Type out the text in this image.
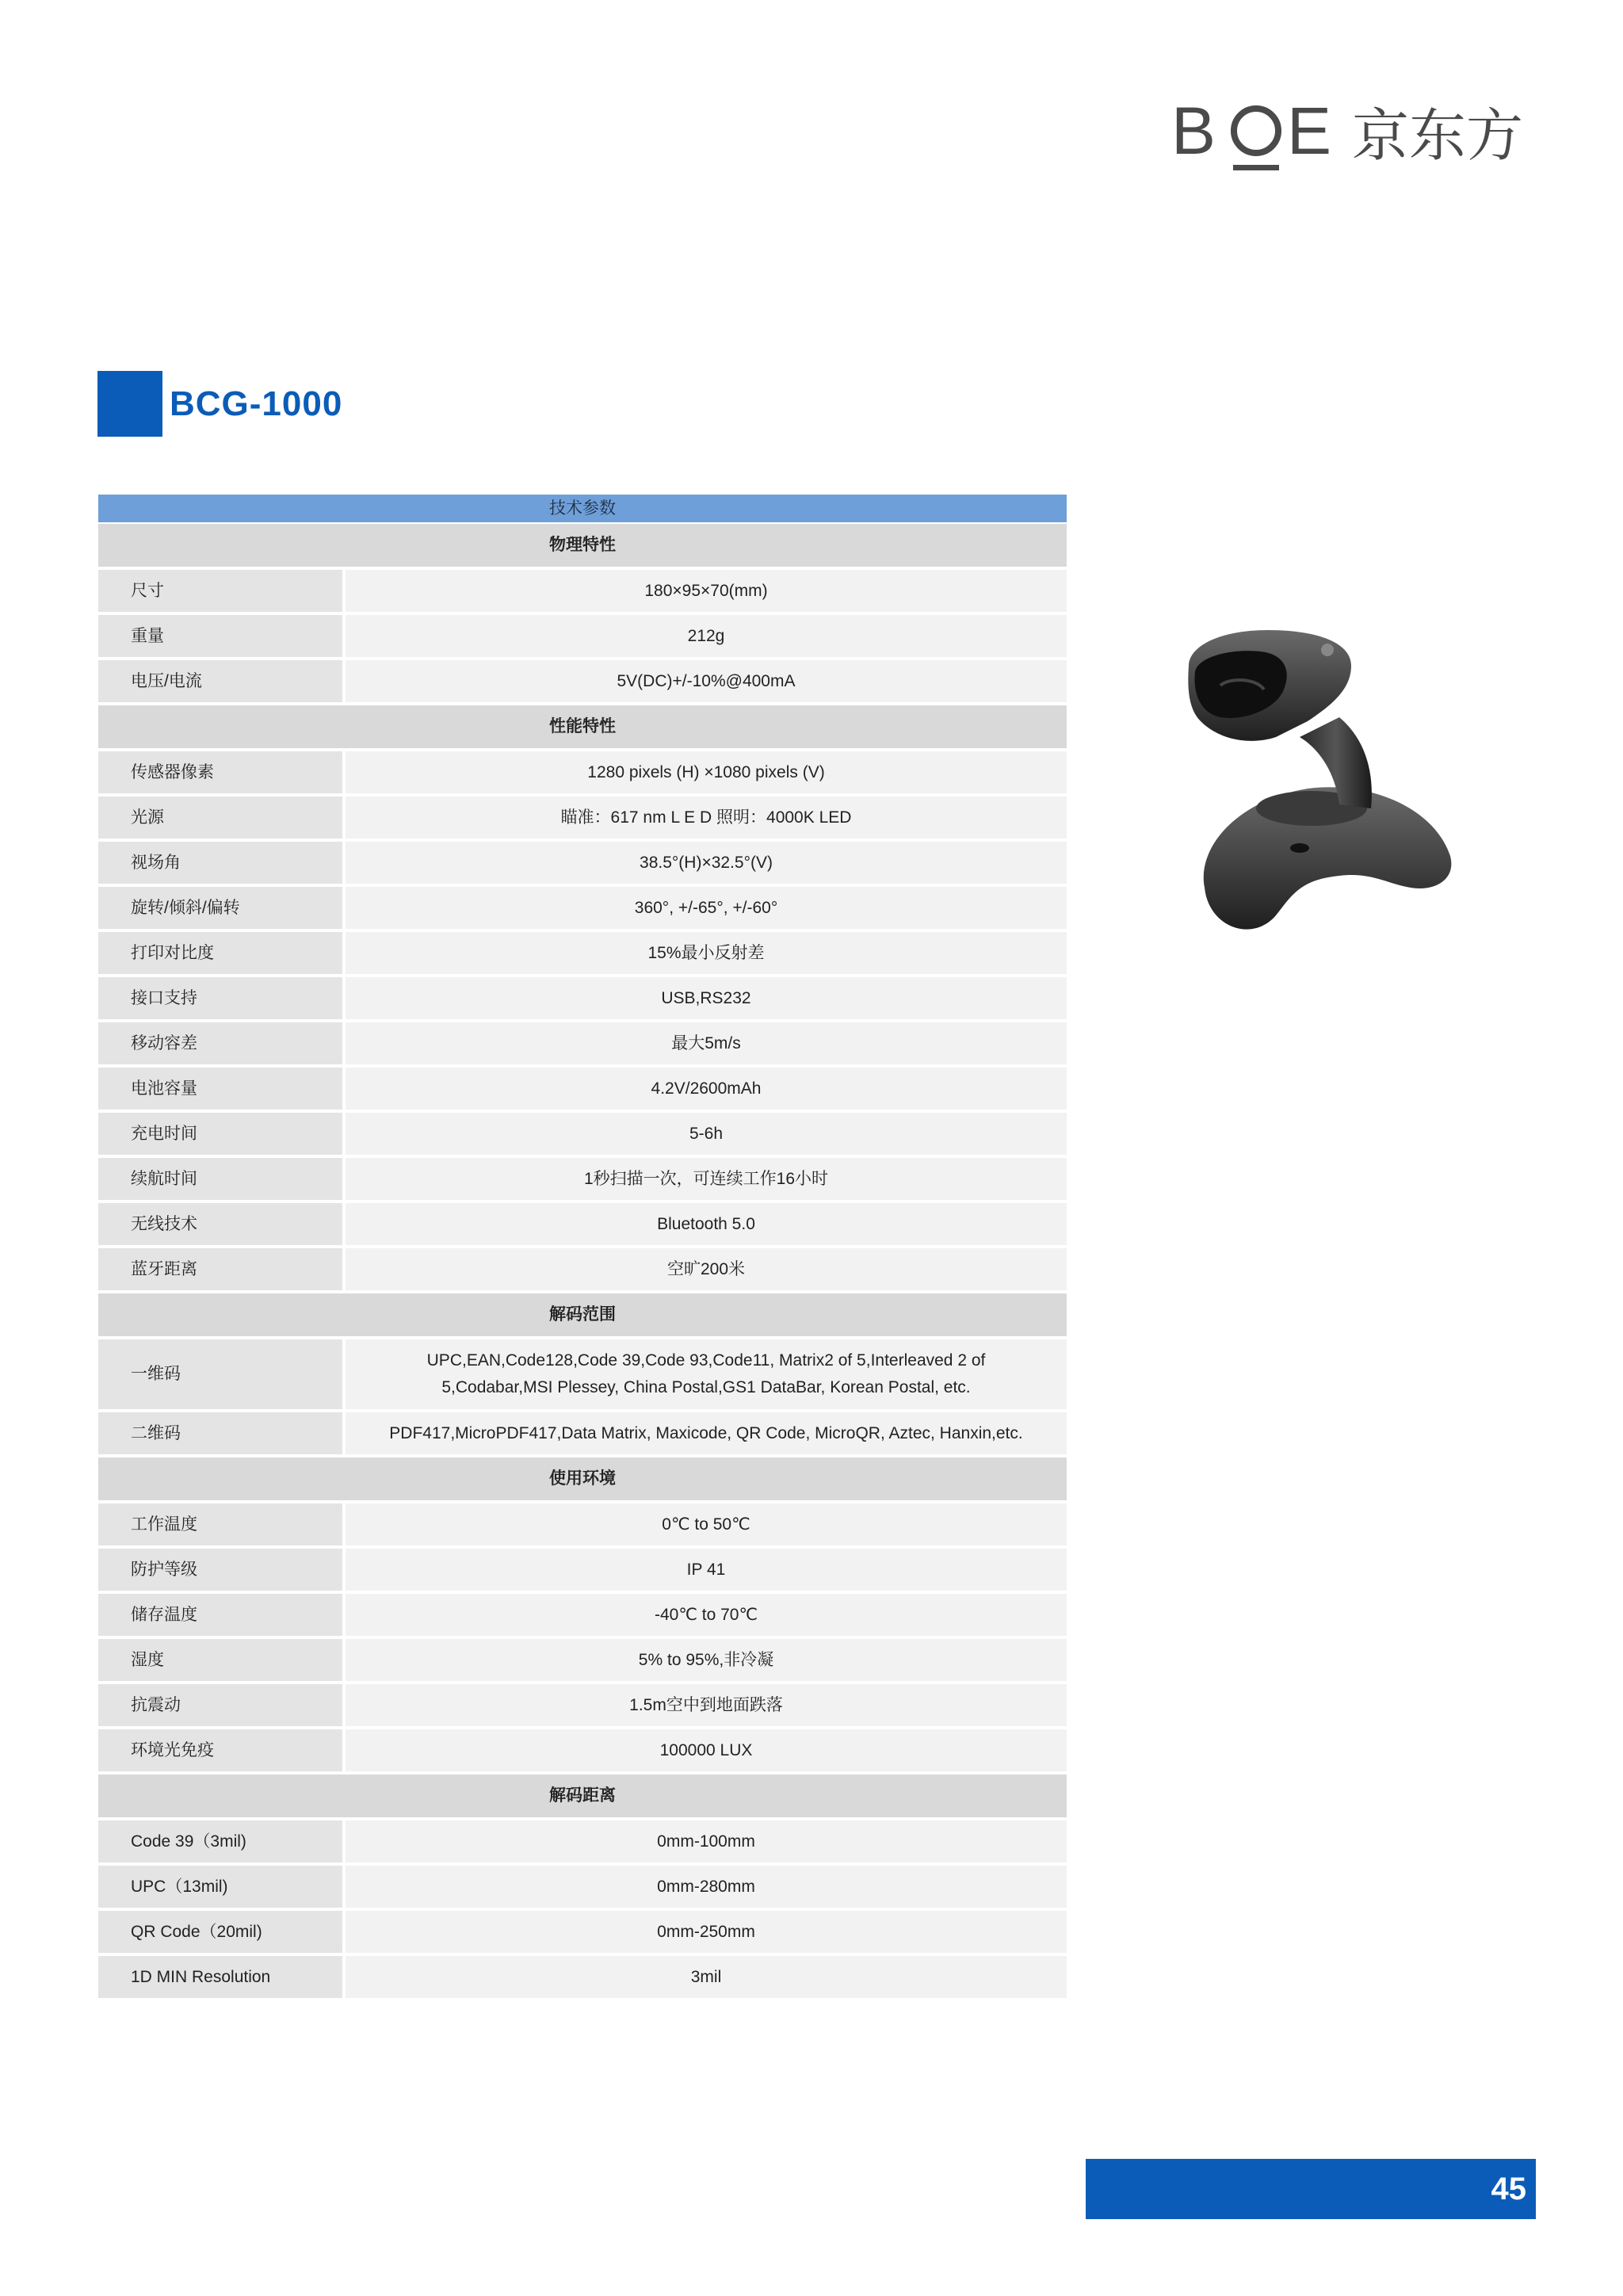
B E 京东方
BCG-1000
技术参数	
物理特性	
尺寸	180×95×70(mm)
重量	212g
电压/电流	5V(DC)+/-10%@400mA
性能特性	
传感器像素	1280 pixels (H) ×1080 pixels (V)
光源	瞄准：617 nm L E D 照明：4000K LED
视场角	38.5°(H)×32.5°(V)
旋转/倾斜/偏转	360°, +/-65°, +/-60°
打印对比度	15%最小反射差
接口支持	USB,RS232
移动容差	最大5m/s
电池容量	4.2V/2600mAh
充电时间	5-6h
续航时间	1秒扫描一次，可连续工作16小时
无线技术	Bluetooth 5.0
蓝牙距离	空旷200米
解码范围	
一维码	UPC,EAN,Code128,Code 39,Code 93,Code11, Matrix2 of 5,Interleaved 2 of
5,Codabar,MSI Plessey, China Postal,GS1 DataBar, Korean Postal, etc.

二维码	PDF417,MicroPDF417,Data Matrix, Maxicode, QR Code, MicroQR, Aztec, Hanxin,etc.
使用环境	
工作温度	0℃ to 50℃
防护等级	IP 41
储存温度	-40℃ to 70℃
湿度	5% to 95%,非冷凝
抗震动	1.5m空中到地面跌落
环境光免疫	100000 LUX
解码距离	
Code 39（3mil)	0mm-100mm
UPC（13mil)	0mm-280mm
QR Code（20mil)	0mm-250mm
1D MIN Resolution	3mil
45
